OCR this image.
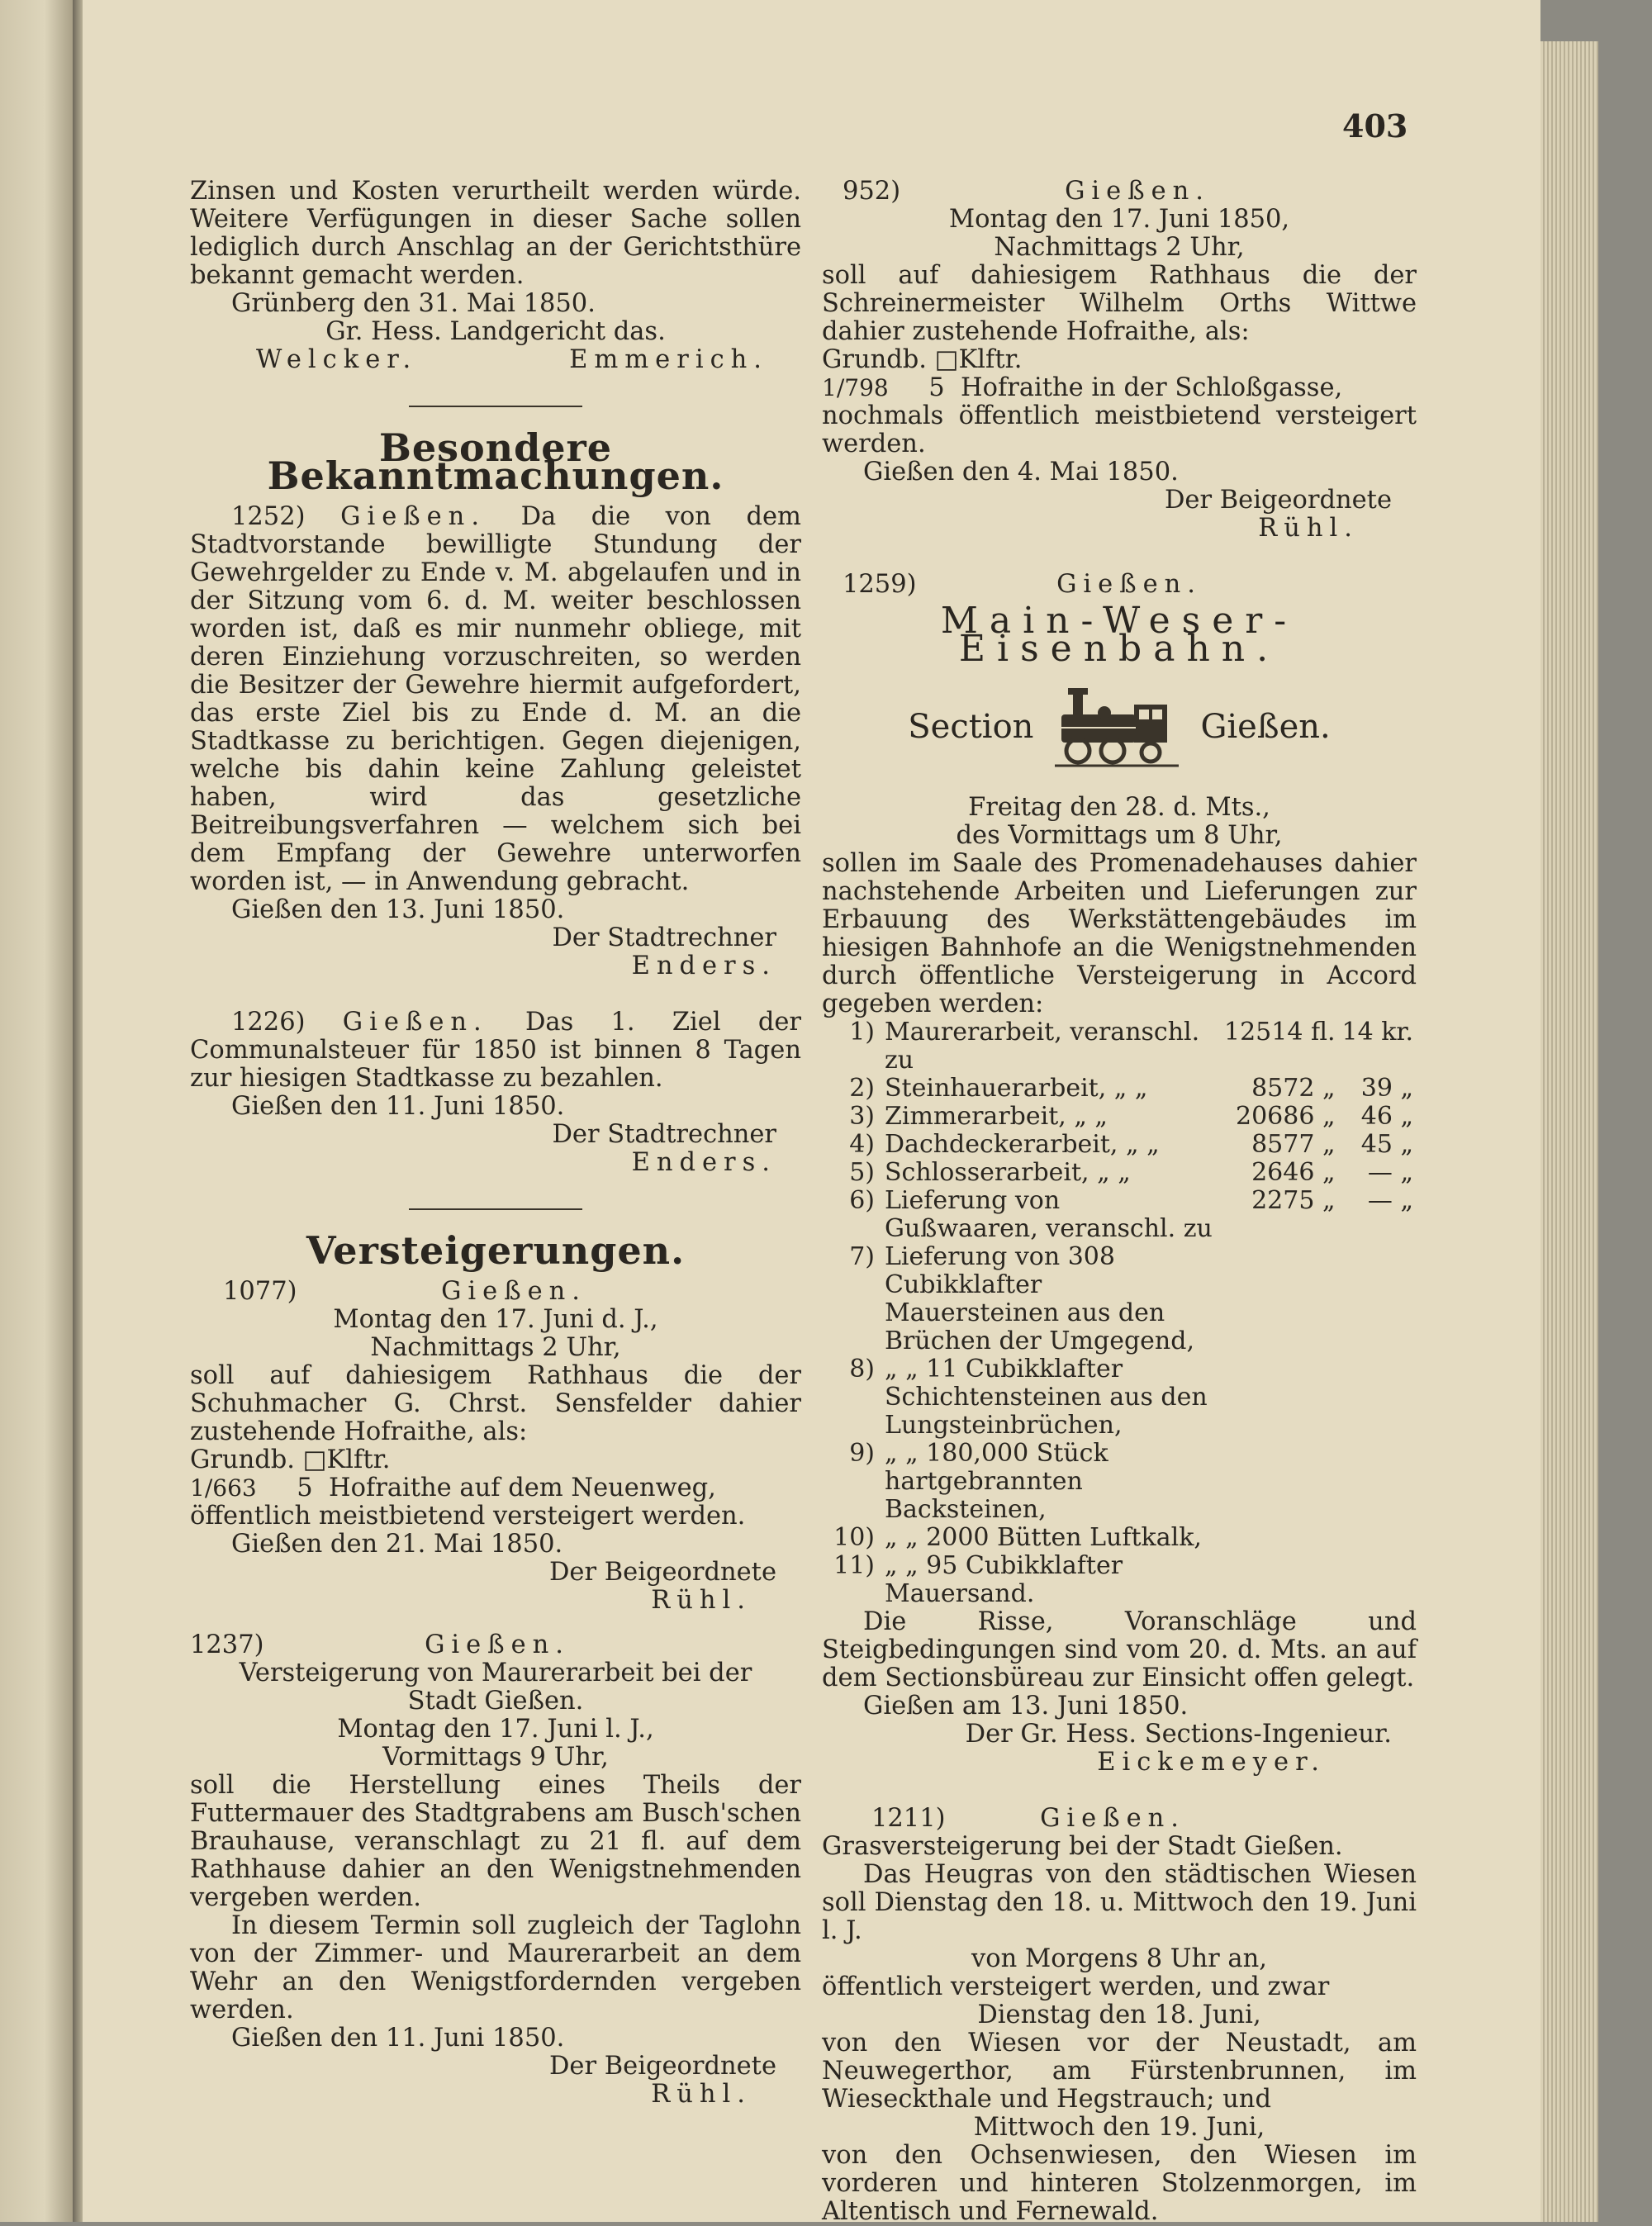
403

Zinsen und Kosten verurtheilt werden würde. Weitere Verfügungen in dieser Sache sollen lediglich durch Anschlag an der Gerichtsthüre bekannt gemacht werden.

Grünberg den 31. Mai 1850.

Gr. Hess. Landgericht das.

Welcker.	Emmerich.
Besondere Bekanntmachungen.

1252) Gießen. Da die von dem Stadtvorstande bewilligte Stundung der Gewehrgelder zu Ende v. M. abgelaufen und in der Sitzung vom 6. d. M. weiter beschlossen worden ist, daß es mir nunmehr obliege, mit deren Einziehung vorzuschreiten, so werden die Besitzer der Gewehre hiermit aufgefordert, das erste Ziel bis zu Ende d. M. an die Stadtkasse zu berichtigen. Gegen diejenigen, welche bis dahin keine Zahlung geleistet haben, wird das gesetzliche Beitreibungsverfahren — welchem sich bei dem Empfang der Gewehre unterworfen worden ist, — in Anwendung gebracht.

Gießen den 13. Juni 1850.

Der Stadtrechner

Enders.

1226) Gießen. Das 1. Ziel der Communalsteuer für 1850 ist binnen 8 Tagen zur hiesigen Stadtkasse zu bezahlen.

Gießen den 11. Juni 1850.

Der Stadtrechner

Enders.

Versteigerungen.
1077)	Gießen.

Montag den 17. Juni d. J.,

Nachmittags 2 Uhr,

soll auf dahiesigem Rathhaus die der Schuhmacher G. Chrst. Sensfelder dahier zustehende Hofraithe, als:

Grundb. □Klftr.

1/663 5 Hofraithe auf dem Neuenweg,

öffentlich meistbietend versteigert werden.

Gießen den 21. Mai 1850.

Der Beigeordnete

Rühl.

1237)	Gießen.

Versteigerung von Maurerarbeit bei der Stadt Gießen.

Montag den 17. Juni l. J.,

Vormittags 9 Uhr,

soll die Herstellung eines Theils der Futtermauer des Stadtgrabens am Busch'schen Brauhause, veranschlagt zu 21 fl. auf dem Rathhause dahier an den Wenigstnehmenden vergeben werden.

In diesem Termin soll zugleich der Taglohn von der Zimmer- und Maurerarbeit an dem Wehr an den Wenigstfordernden vergeben werden.

Gießen den 11. Juni 1850.

Der Beigeordnete

Rühl.

952)	Gießen.

Montag den 17. Juni 1850,

Nachmittags 2 Uhr,

soll auf dahiesigem Rathhaus die der Schreinermeister Wilhelm Orths Wittwe dahier zustehende Hofraithe, als:

Grundb. □Klftr.

1/798 5 Hofraithe in der Schloßgasse,

nochmals öffentlich meistbietend versteigert werden.

Gießen den 4. Mai 1850.

Der Beigeordnete

Rühl.

1259)	Gießen.
Main-Weser-Eisenbahn.
Section	Gießen.

Freitag den 28. d. Mts.,

des Vormittags um 8 Uhr,

sollen im Saale des Promenadehauses dahier nachstehende Arbeiten und Lieferungen zur Erbauung des Werkstättengebäudes im hiesigen Bahnhofe an die Wenigstnehmenden durch öffentliche Versteigerung in Accord gegeben werden:

1)	Maurerarbeit, veranschl. zu	12514 fl.	14 kr.
2)	Steinhauerarbeit, „ „	8572 „	39 „
3)	Zimmerarbeit, „ „	20686 „	46 „
4)	Dachdeckerarbeit, „ „	8577 „	45 „
5)	Schlosserarbeit, „ „	2646 „	— „
6)	Lieferung von Gußwaaren, veranschl. zu	2275 „	— „
7)	Lieferung von 308 Cubikklafter Mauersteinen aus den Brüchen der Umgegend,		
8)	„ „ 11 Cubikklafter Schichtensteinen aus den Lungsteinbrüchen,		
9)	„ „ 180,000 Stück hartgebrannten Backsteinen,		
10)	„ „ 2000 Bütten Luftkalk,		
11)	„ „ 95 Cubikklafter Mauersand.		

Die Risse, Voranschläge und Steigbedingungen sind vom 20. d. Mts. an auf dem Sectionsbüreau zur Einsicht offen gelegt.

Gießen am 13. Juni 1850.

Der Gr. Hess. Sections-Ingenieur.

Eickemeyer.

1211)	Gießen.

Grasversteigerung bei der Stadt Gießen.

Das Heugras von den städtischen Wiesen soll Dienstag den 18. u. Mittwoch den 19. Juni l. J.

von Morgens 8 Uhr an,

öffentlich versteigert werden, und zwar

Dienstag den 18. Juni,

von den Wiesen vor der Neustadt, am Neuwegerthor, am Fürstenbrunnen, im Wieseckthale und Hegstrauch; und

Mittwoch den 19. Juni,

von den Ochsenwiesen, den Wiesen im vorderen und hinteren Stolzenmorgen, im Altentisch und Fernewald.
